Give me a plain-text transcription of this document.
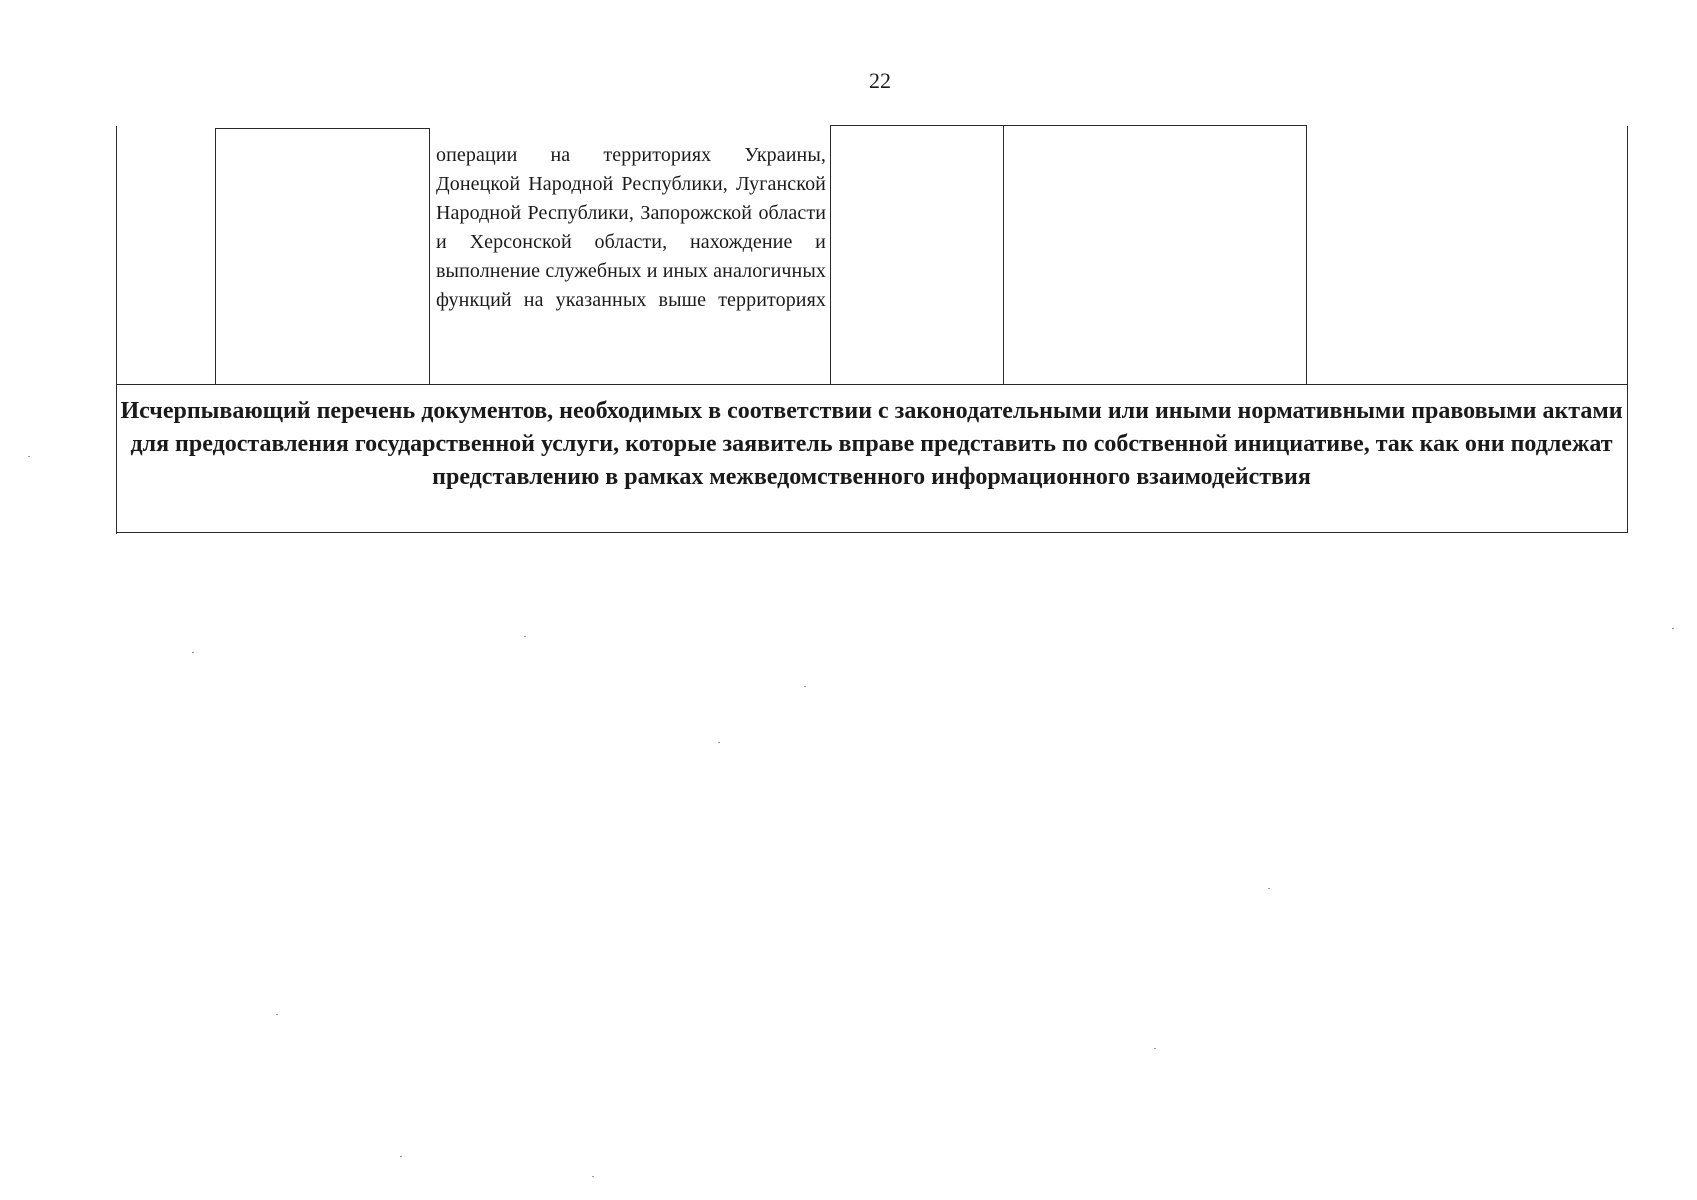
22
операции на территориях Украины, Донецкой Народной Республики, Луганской Народной Республики, Запорожской области и Херсонской области, нахождение и выполнение служебных и иных аналогичных функций на указанных выше территориях
Исчерпывающий перечень документов, необходимых в соответствии с законодательными или иными нормативными правовыми актами для предоставления государственной услуги, которые заявитель вправе представить по собственной инициативе, так как они подлежат представлению в рамках межведомственного информационного взаимодействия
